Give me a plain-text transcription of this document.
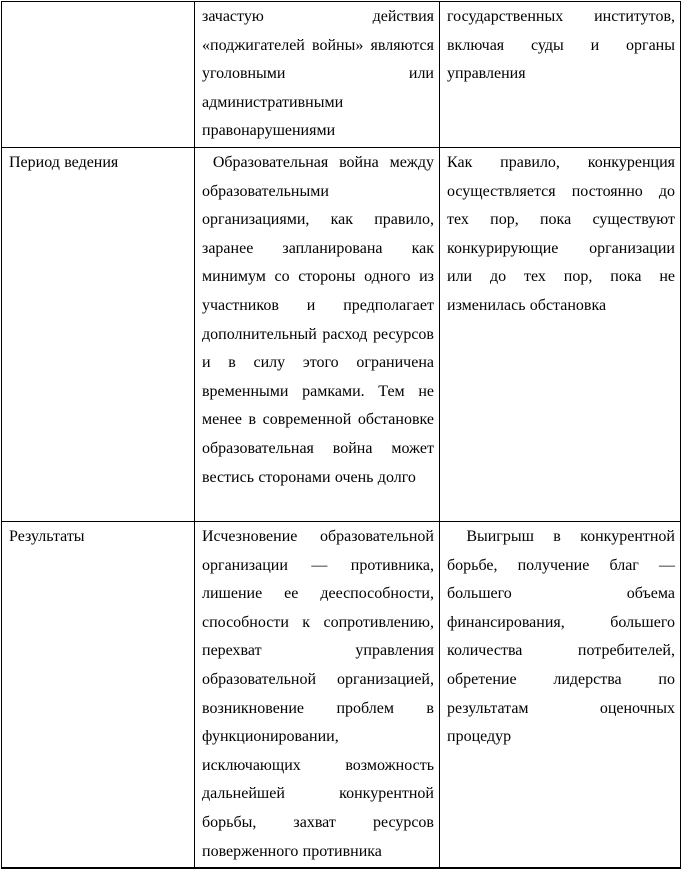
	зачастую действия «поджигателей войны» являются уголовными или административными правонарушениями	государственных институтов, включая суды и органы управления
Период ведения	Образовательная война между образовательными организациями, как правило, заранее запланирована как минимум со стороны одного из участников и предполагает дополнительный расход ресурсов и в силу этого ограничена временными рамками. Тем не менее в современной обстановке образовательная война может вестись сторонами очень долго	Как правило, конкуренция осуществляется постоянно до тех пор, пока существуют конкурирующие организации или до тех пор, пока не изменилась обстановка
Результаты	Исчезновение образовательной организации — противника, лишение ее дееспособности, способности к сопротивлению, перехват управления образовательной организацией, возникновение проблем в функционировании, исключающих возможность дальнейшей конкурентной борьбы, захват ресурсов поверженного противника	Выигрыш в конкурентной борьбе, получение благ — большего объема финансирования, большего количества потребителей, обретение лидерства по результатам оценочных процедур
